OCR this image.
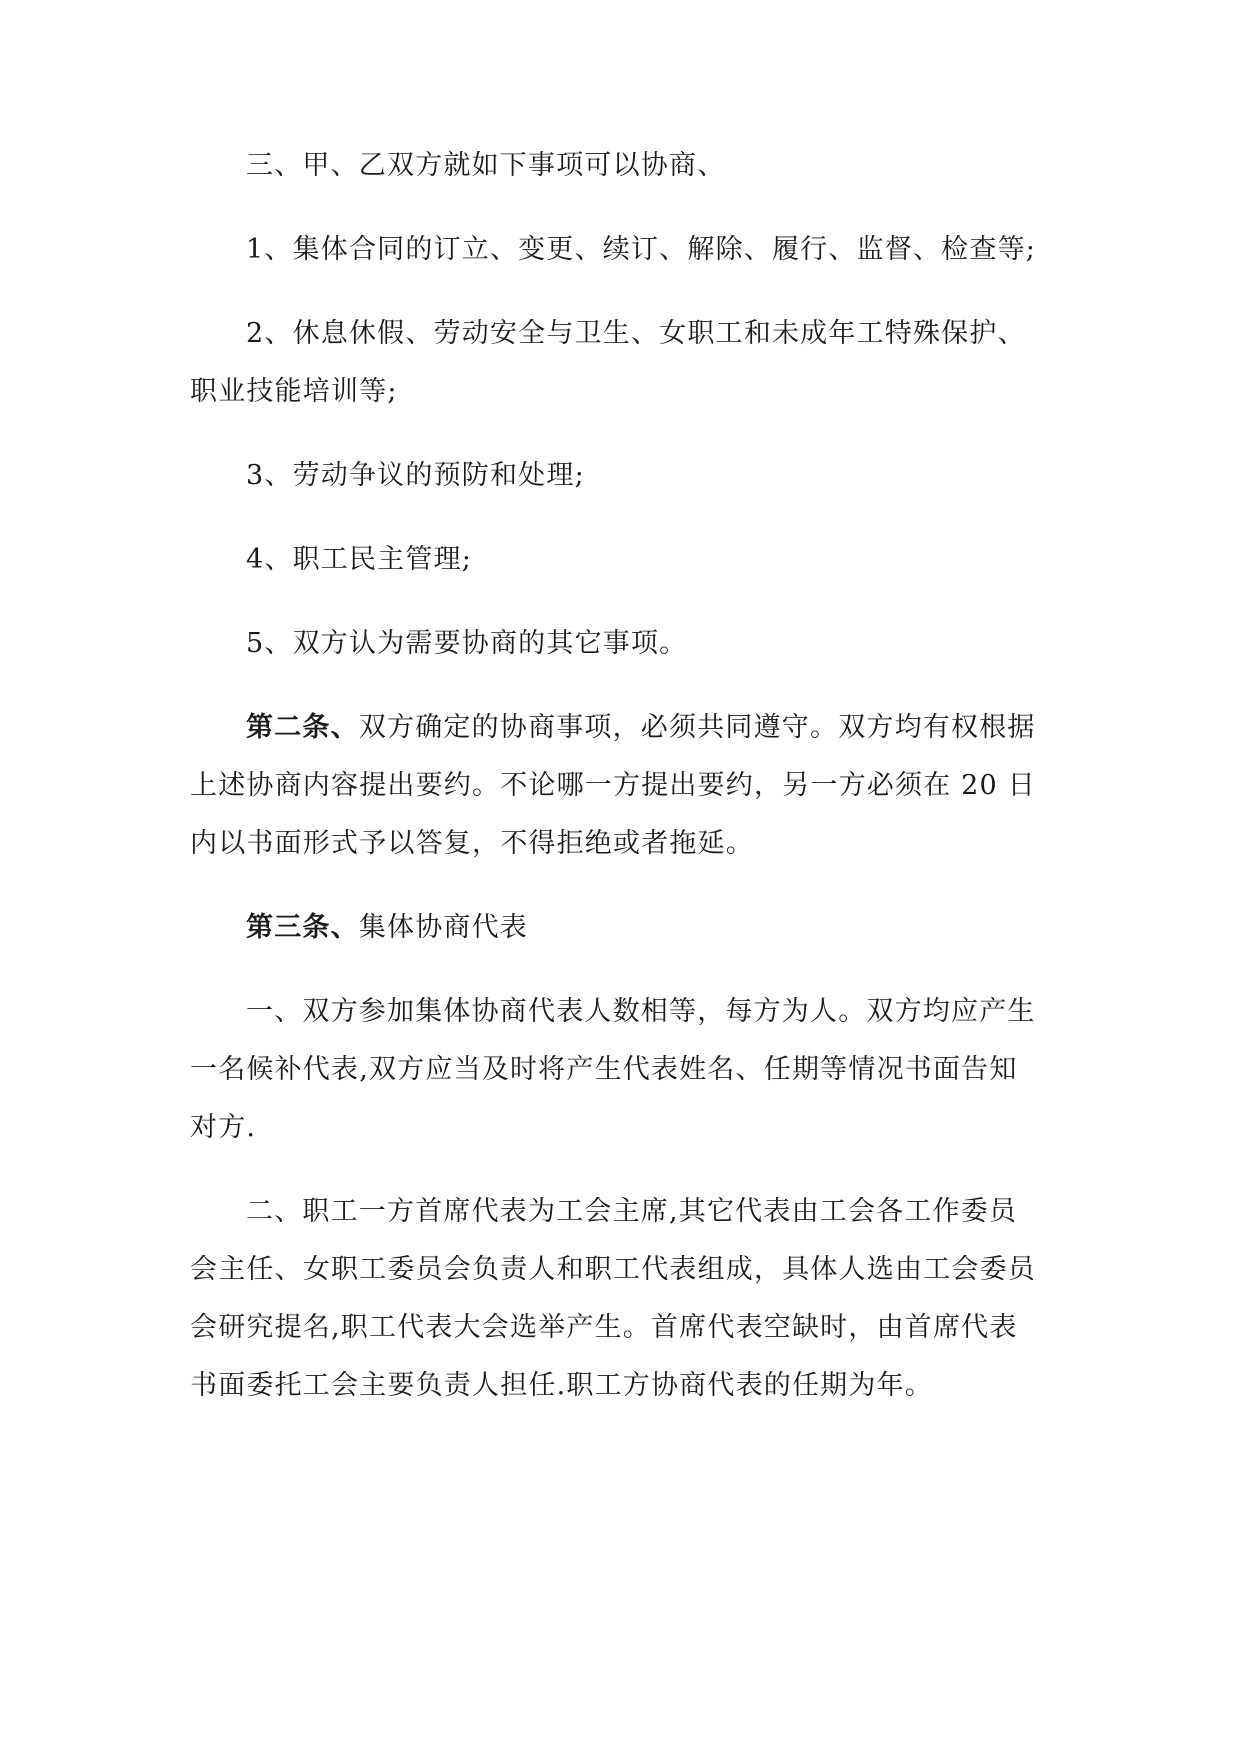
三、甲、乙双方就如下事项可以协商、
1、集体合同的订立、变更、续订、解除、履行、监督、检查等;
2、休息休假、劳动安全与卫生、女职工和未成年工特殊保护、
职业技能培训等;
3、劳动争议的预防和处理;
4、职工民主管理;
5、双方认为需要协商的其它事项。
第二条、双方确定的协商事项，必须共同遵守。双方均有权根据
上述协商内容提出要约。不论哪一方提出要约，另一方必须在 20 日
内以书面形式予以答复，不得拒绝或者拖延。
第三条、集体协商代表
一、双方参加集体协商代表人数相等，每方为人。双方均应产生
一名候补代表,双方应当及时将产生代表姓名、任期等情况书面告知
对方.
二、职工一方首席代表为工会主席,其它代表由工会各工作委员
会主任、女职工委员会负责人和职工代表组成，具体人选由工会委员
会研究提名,职工代表大会选举产生。首席代表空缺时，由首席代表
书面委托工会主要负责人担任.职工方协商代表的任期为年。
